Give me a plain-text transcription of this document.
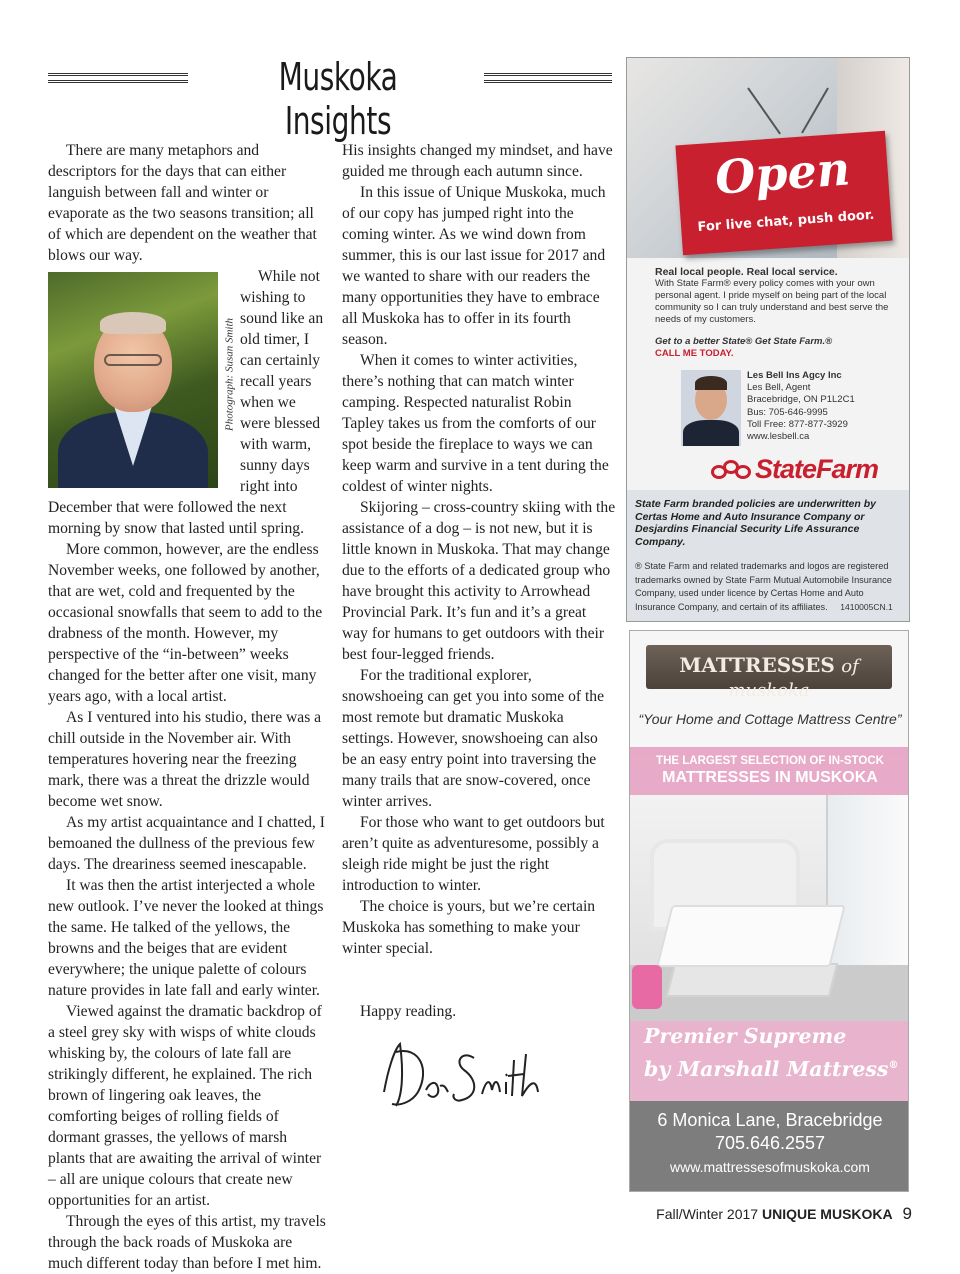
Muskoka Insights

There are many metaphors and descriptors for the days that can either languish between fall and winter or evaporate as the two seasons transition; all of which are dependent on the weather that blows our way.

Photograph: Susan Smith

While not wishing to sound like an old timer, I can certainly recall years when we were blessed with warm, sunny days right into December that were followed the next morning by snow that lasted until spring.

More common, however, are the endless November weeks, one followed by another, that are wet, cold and frequented by the occasional snowfalls that seem to add to the drabness of the month. However, my perspective of the “in-between” weeks changed for the better after one visit, many years ago, with a local artist.

As I ventured into his studio, there was a chill outside in the November air. With temperatures hovering near the freezing mark, there was a threat the drizzle would become wet snow.

As my artist acquaintance and I chatted, I bemoaned the dullness of the previous few days. The dreariness seemed inescapable.

It was then the artist interjected a whole new outlook. I’ve never the looked at things the same. He talked of the yellows, the browns and the beiges that are evident everywhere; the unique palette of colours nature provides in late fall and early winter.

Viewed against the dramatic backdrop of a steel grey sky with wisps of white clouds whisking by, the colours of late fall are strikingly different, he explained. The rich brown of lingering oak leaves, the comforting beiges of rolling fields of dormant grasses, the yellows of marsh plants that are awaiting the arrival of winter – all are unique colours that create new opportunities for an artist.

Through the eyes of this artist, my travels through the back roads of Muskoka are much different today than before I met him.

His insights changed my mindset, and have guided me through each autumn since.

In this issue of Unique Muskoka, much of our copy has jumped right into the coming winter. As we wind down from summer, this is our last issue for 2017 and we wanted to share with our readers the many opportunities they have to embrace all Muskoka has to offer in its fourth season.

When it comes to winter activities, there’s nothing that can match winter camping. Respected naturalist Robin Tapley takes us from the comforts of our spot beside the fireplace to ways we can keep warm and survive in a tent during the coldest of winter nights.

Skijoring – cross-country skiing with the assistance of a dog – is not new, but it is little known in Muskoka. That may change due to the efforts of a dedicated group who have brought this activity to Arrowhead Provincial Park. It’s fun and it’s a great way for humans to get outdoors with their best four-legged friends.

For the traditional explorer, snowshoeing can get you into some of the most remote but dramatic Muskoka settings. However, snowshoeing can also be an easy entry point into traversing the many trails that are snow-covered, once winter arrives.

For those who want to get outdoors but aren’t quite as adventuresome, possibly a sleigh ride might be just the right introduction to winter.

The choice is yours, but we’re certain Muskoka has something to make your winter special.

Happy reading.

Open
For live chat, push door.
Real local people. Real local service.
With State Farm® every policy comes with your own personal agent. I pride myself on being part of the local community so I can truly understand and best serve the needs of my customers.
Get to a better State® Get State Farm.®
CALL ME TODAY.
Les Bell Ins Agcy Inc
Les Bell, Agent
Bracebridge, ON P1L2C1
Bus: 705-646-9995
Toll Free: 877-877-3929
www.lesbell.ca
StateFarm
State Farm branded policies are underwritten by Certas Home and Auto Insurance Company or Desjardins Financial Security Life Assurance Company.
® State Farm and related trademarks and logos are registered trademarks owned by State Farm Mutual Automobile Insurance Company, used under licence by Certas Home and Auto Insurance Company, and certain of its affiliates. 1410005CN.1
MATTRESSES of muskoka
“Your Home and Cottage Mattress Centre”
THE LARGEST SELECTION OF IN-STOCK
MATTRESSES IN MUSKOKA
Premier Supreme
by Marshall Mattress®
6 Monica Lane, Bracebridge
705.646.2557
www.mattressesofmuskoka.com
Fall/Winter 2017 UNIQUE MUSKOKA 9
